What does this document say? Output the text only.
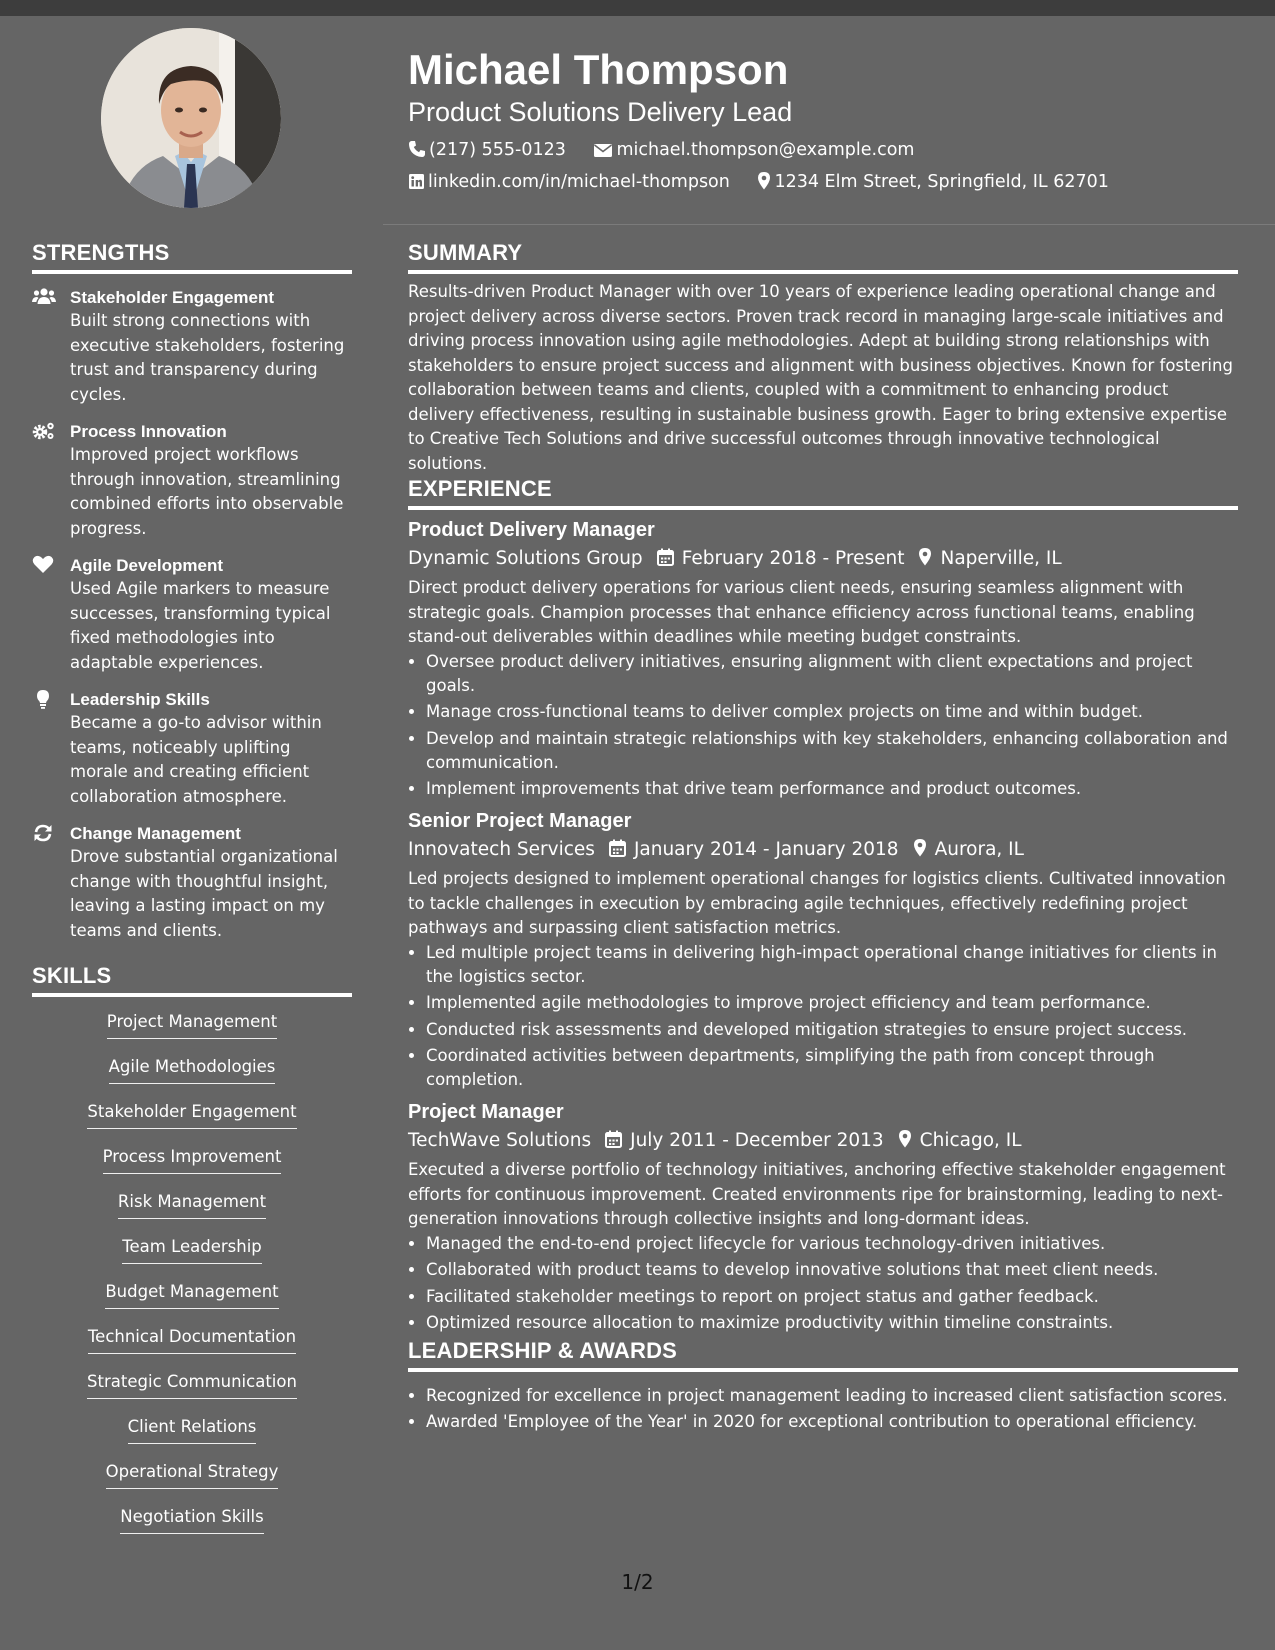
STRENGTHS
Stakeholder Engagement
Built strong connections with executive stakeholders, fostering trust and transparency during cycles.
Process Innovation
Improved project workflows through innovation, streamlining combined efforts into observable progress.
Agile Development
Used Agile markers to measure successes, transforming typical fixed methodologies into adaptable experiences.
Leadership Skills
Became a go-to advisor within teams, noticeably uplifting morale and creating efficient collaboration atmosphere.
Change Management
Drove substantial organizational change with thoughtful insight, leaving a lasting impact on my teams and clients.
SKILLS
Project Management
Agile Methodologies
Stakeholder Engagement
Process Improvement
Risk Management
Team Leadership
Budget Management
Technical Documentation
Strategic Communication
Client Relations
Operational Strategy
Negotiation Skills
Michael Thompson
Product Solutions Delivery Lead
(217) 555-0123	michael.thompson@example.com
linkedin.com/in/michael-thompson	1234 Elm Street, Springfield, IL 62701
SUMMARY

Results-driven Product Manager with over 10 years of experience leading operational change and project delivery across diverse sectors. Proven track record in managing large-scale initiatives and driving process innovation using agile methodologies. Adept at building strong relationships with stakeholders to ensure project success and alignment with business objectives. Known for fostering collaboration between teams and clients, coupled with a commitment to enhancing product delivery effectiveness, resulting in sustainable business growth. Eager to bring extensive expertise to Creative Tech Solutions and drive successful outcomes through innovative technological solutions.

EXPERIENCE
Product Delivery Manager
Dynamic Solutions Group February 2018 - Present Naperville, IL

Direct product delivery operations for various client needs, ensuring seamless alignment with strategic goals. Champion processes that enhance efficiency across functional teams, enabling stand-out deliverables within deadlines while meeting budget constraints.

• Oversee product delivery initiatives, ensuring alignment with client expectations and project goals.
• Manage cross-functional teams to deliver complex projects on time and within budget.
• Develop and maintain strategic relationships with key stakeholders, enhancing collaboration and communication.
• Implement improvements that drive team performance and product outcomes.
Senior Project Manager
Innovatech Services January 2014 - January 2018 Aurora, IL

Led projects designed to implement operational changes for logistics clients. Cultivated innovation to tackle challenges in execution by embracing agile techniques, effectively redefining project pathways and surpassing client satisfaction metrics.

• Led multiple project teams in delivering high-impact operational change initiatives for clients in the logistics sector.
• Implemented agile methodologies to improve project efficiency and team performance.
• Conducted risk assessments and developed mitigation strategies to ensure project success.
• Coordinated activities between departments, simplifying the path from concept through completion.
Project Manager
TechWave Solutions July 2011 - December 2013 Chicago, IL

Executed a diverse portfolio of technology initiatives, anchoring effective stakeholder engagement efforts for continuous improvement. Created environments ripe for brainstorming, leading to next-generation innovations through collective insights and long-dormant ideas.

• Managed the end-to-end project lifecycle for various technology-driven initiatives.
• Collaborated with product teams to develop innovative solutions that meet client needs.
• Facilitated stakeholder meetings to report on project status and gather feedback.
• Optimized resource allocation to maximize productivity within timeline constraints.
LEADERSHIP & AWARDS
• Recognized for excellence in project management leading to increased client satisfaction scores.
• Awarded 'Employee of the Year' in 2020 for exceptional contribution to operational efficiency.
1/2
